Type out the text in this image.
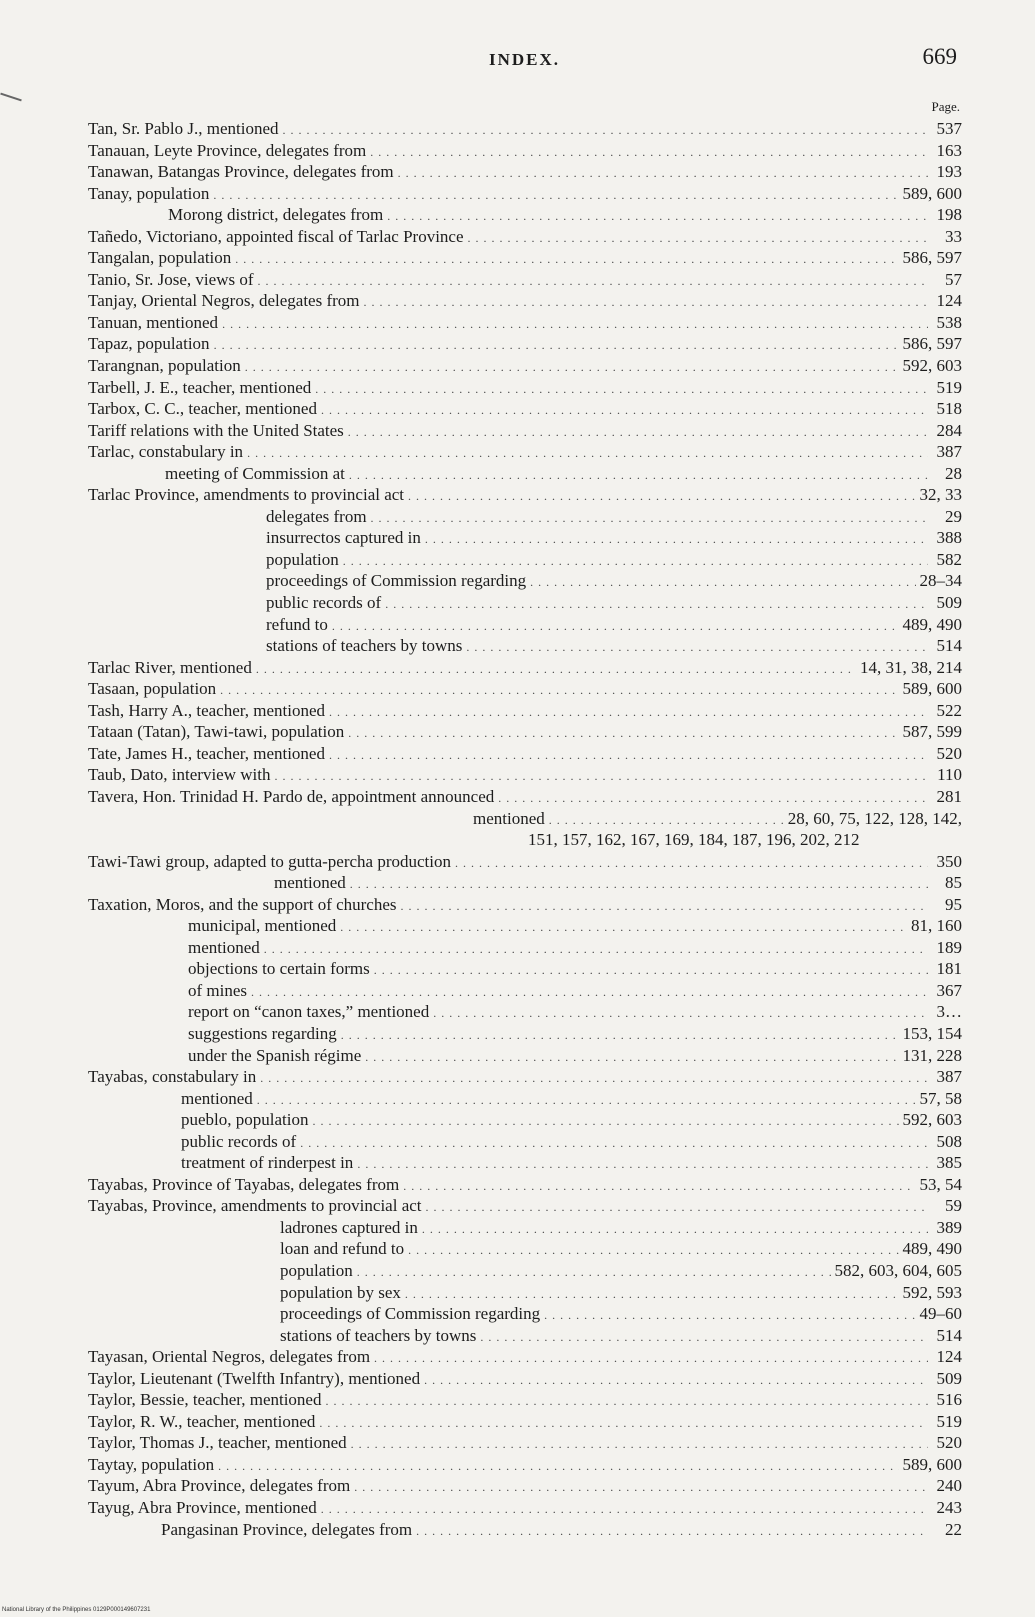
INDEX.	669
Page.
Tan, Sr. Pablo J., mentioned . . .	537
Tanauan, Leyte Province, delegates from . . .	163
Tanawan, Batangas Province, delegates from . . .	193
Tanay, population . . .	589, 600
Morong district, delegates from . . .	198
Tañedo, Victoriano, appointed fiscal of Tarlac Province . . .	33
Tangalan, population . . .	586, 597
Tanio, Sr. Jose, views of . . .	57
Tanjay, Oriental Negros, delegates from . . .	124
Tanuan, mentioned . . .	538
Tapaz, population . . .	586, 597
Tarangnan, population . . .	592, 603
Tarbell, J. E., teacher, mentioned . . .	519
Tarbox, C. C., teacher, mentioned . . .	518
Tariff relations with the United States . . .	284
Tarlac, constabulary in . . .	387
meeting of Commission at . . .	28
Tarlac Province, amendments to provincial act . . .	32, 33
delegates from . . .	29
insurrectos captured in . . .	388
population . . .	582
proceedings of Commission regarding . . .	28–34
public records of . . .	509
refund to . . .	489, 490
stations of teachers by towns . . .	514
Tarlac River, mentioned . . .	14, 31, 38, 214
Tasaan, population . . .	589, 600
Tash, Harry A., teacher, mentioned . . .	522
Tataan (Tatan), Tawi-tawi, population . . .	587, 599
Tate, James H., teacher, mentioned . . .	520
Taub, Dato, interview with . . .	110
Tavera, Hon. Trinidad H. Pardo de, appointment announced . . .	281
mentioned . . .	28, 60, 75, 122, 128, 142,
151, 157, 162, 167, 169, 184, 187, 196, 202, 212
Tawi-Tawi group, adapted to gutta-percha production . . .	350
mentioned . . .	85
Taxation, Moros, and the support of churches . . .	95
municipal, mentioned . . .	81, 160
mentioned . . .	189
objections to certain forms . . .	181
of mines . . .	367
report on “canon taxes,” mentioned . . .	3…
suggestions regarding . . .	153, 154
under the Spanish régime . . .	131, 228
Tayabas, constabulary in . . .	387
mentioned . . .	57, 58
pueblo, population . . .	592, 603
public records of . . .	508
treatment of rinderpest in . . .	385
Tayabas, Province of Tayabas, delegates from . . .	53, 54
Tayabas, Province, amendments to provincial act . . .	59
ladrones captured in . . .	389
loan and refund to . . .	489, 490
population . . .	582, 603, 604, 605
population by sex . . .	592, 593
proceedings of Commission regarding . . .	49–60
stations of teachers by towns . . .	514
Tayasan, Oriental Negros, delegates from . . .	124
Taylor, Lieutenant (Twelfth Infantry), mentioned . . .	509
Taylor, Bessie, teacher, mentioned . . .	516
Taylor, R. W., teacher, mentioned . . .	519
Taylor, Thomas J., teacher, mentioned . . .	520
Taytay, population . . .	589, 600
Tayum, Abra Province, delegates from . . .	240
Tayug, Abra Province, mentioned . . .	243
Pangasinan Province, delegates from . . .	22
National Library of the Philippines 0129P000149607231
